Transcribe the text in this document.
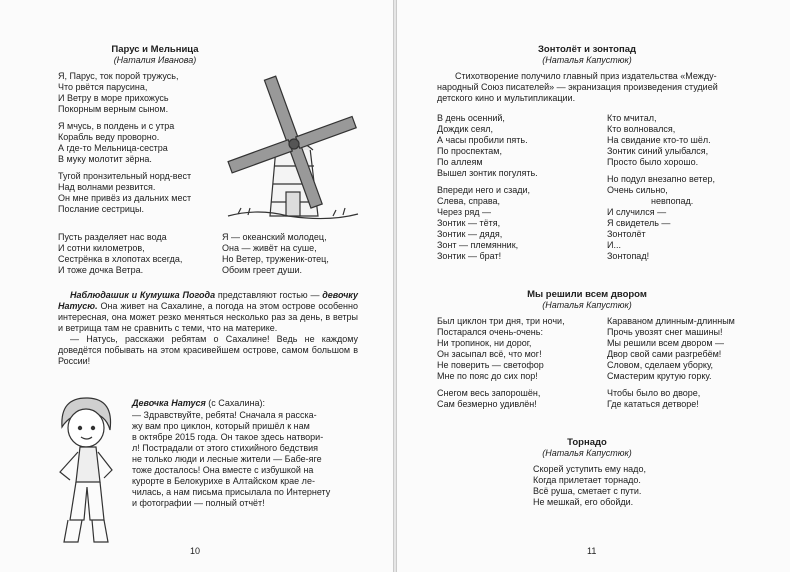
Парус и Мельница
(Наталия Иванова)
Я, Парус, ток порой тружусь,
Что рвётся парусина,
И Ветру в море прихожусь
Покорным верным сыном.
Я мчусь, в полдень и с утра
Корабль веду проворно.
А где-то Мельница-сестра
В муку молотит зёрна.
Тугой пронзительный норд-вест
Над волнами резвится.
Он мне привёз из дальних мест
Послание сестрицы.
Пусть разделяет нас вода
И сотни километров,
Сестрёнка в хлопотах всегда,
И тоже дочка Ветра.
Я — океанский молодец,
Она — живёт на суше,
Но Ветер, труженик-отец,
Обоим греет души.
Наблюдашик и Кумушка Погода представляют гостью — девочку Натусю. Она живет на Сахалине, а погода на этом острове особенно интересная, она может резко меняться несколько раз за день, в ветры и ветрища там не сравнить с теми, что на материке.
— Натусь, расскажи ребятам о Сахалине! Ведь не каждому доведётся побывать на этом красивейшем острове, самом большом в России!
Девочка Натуся (с Сахалина):
— Здравствуйте, ребята! Сначала я расска-
жу вам про циклон, который пришёл к нам
в октябре 2015 года. Он такое здесь натвори-
л! Пострадали от этого стихийного бедствия
не только люди и лесные жители — Бабе-яге
тоже досталось! Она вместе с избушкой на
курорте в Белокурихе в Алтайском крае ле-
чилась, а нам письма присылала по Интернету
и фотографии — полный отчёт!
10
Зонтолёт и зонтопад
(Наталья Капустюк)
Стихотворение получило главный приз издательства «Между-
народный Союз писателей» — экранизация произведения студией
детского кино и мультипликации.
В день осенний,
Дождик сеял,
А часы пробили пять.
По проспектам,
По аллеям
Вышел зонтик погулять.
Впереди него и сзади,
Слева, справа,
Через ряд —
Зонтик — тётя,
Зонтик — дядя,
Зонт — племянник,
Зонтик — брат!
Кто мчитал,
Кто волновался,
На свидание кто-то шёл.
Зонтик синий улыбался,
Просто было хорошо.
Но подул внезапно ветер,
Очень сильно,
невпопад.
И случился —
Я свидетель —
Зонтолёт
И...
Зонтопад!
Мы решили всем двором
(Наталья Капустюк)
Был циклон три дня, три ночи,
Постарался очень-очень:
Ни тропинок, ни дорог,
Он засыпал всё, что мог!
Не поверить — светофор
Мне по пояс до сих пор!
Снегом весь запорошён,
Сам безмерно удивлён!
Караваном длинным-длинным
Прочь увозят снег машины!
Мы решили всем двором —
Двор свой сами разгребём!
Словом, сделаем уборку,
Смастерим крутую горку.
Чтобы было во дворе,
Где кататься детворе!
Торнадо
(Наталья Капустюк)
Скорей уступить ему надо,
Когда прилетает торнадо.
Всё руша, сметает с пути.
Не мешкай, его обойди.
11
